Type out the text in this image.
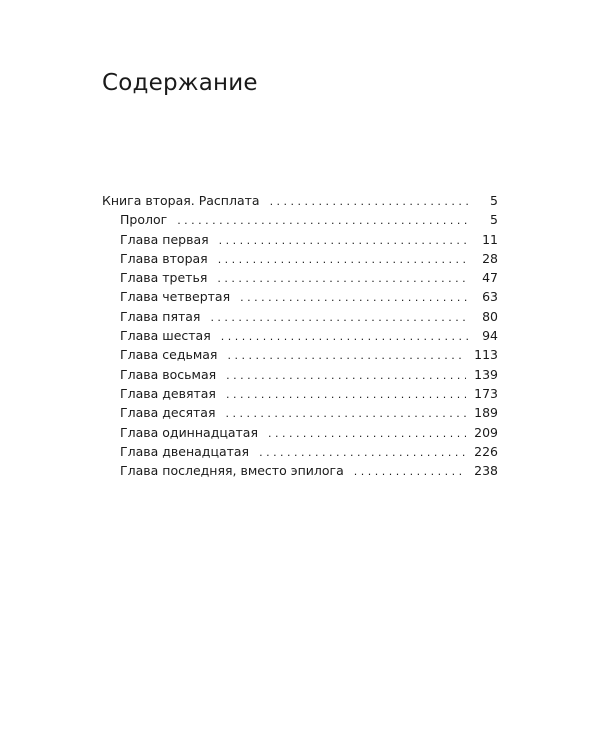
Содержание
Книга вторая. Расплата . . .	5
Пролог . . .	5
Глава первая . . .	11
Глава вторая . . .	28
Глава третья . . .	47
Глава четвертая . . .	63
Глава пятая . . .	80
Глава шестая . . .	94
Глава седьмая . . .	113
Глава восьмая . . .	139
Глава девятая . . .	173
Глава десятая . . .	189
Глава одиннадцатая . . .	209
Глава двенадцатая . . .	226
Глава последняя, вместо эпилога . . .	238
